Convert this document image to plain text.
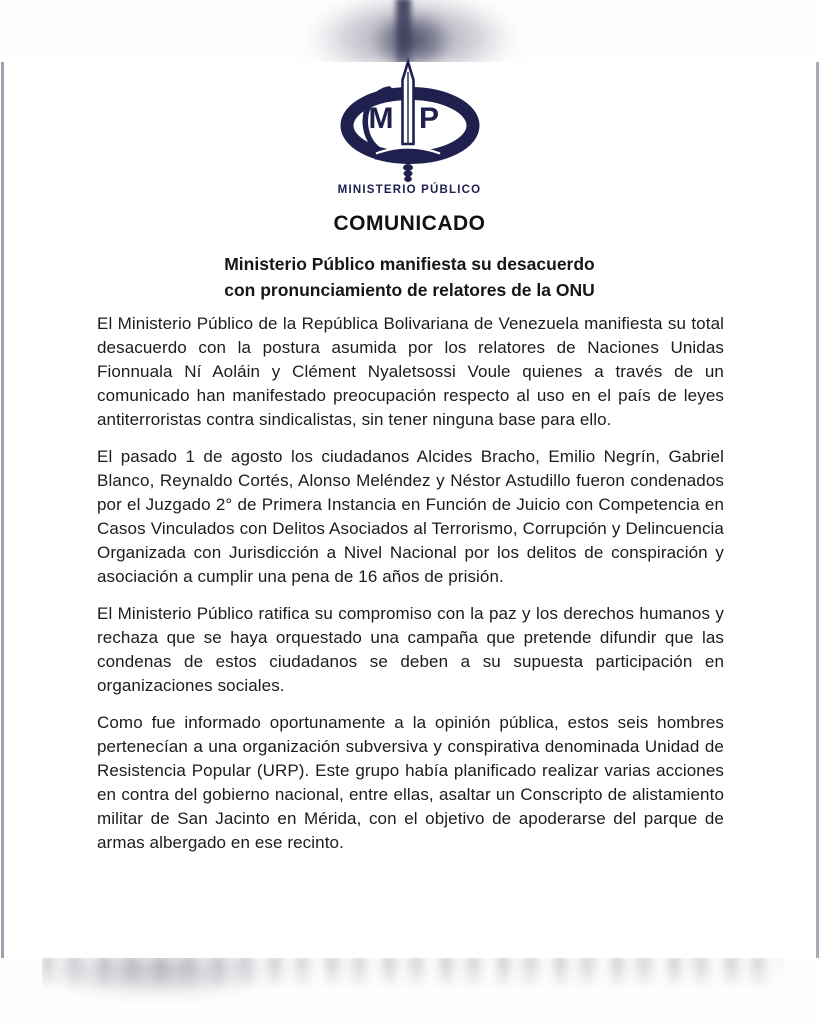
M P
MINISTERIO PÚBLICO
COMUNICADO
Ministerio Público manifiesta su desacuerdo
con pronunciamiento de relatores de la ONU

El Ministerio Público de la República Bolivariana de Venezuela manifiesta su total desacuerdo con la postura asumida por los relatores de Naciones Unidas Fionnuala Ní Aoláin y Clément Nyaletsossi Voule quienes a través de un comunicado han manifestado preocupación respecto al uso en el país de leyes antiterroristas contra sindicalistas, sin tener ninguna base para ello.

El pasado 1 de agosto los ciudadanos Alcides Bracho, Emilio Negrín, Gabriel Blanco, Reynaldo Cortés, Alonso Meléndez y Néstor Astudillo fueron condenados por el Juzgado 2° de Primera Instancia en Función de Juicio con Competencia en Casos Vinculados con Delitos Asociados al Terrorismo, Corrupción y Delincuencia Organizada con Jurisdicción a Nivel Nacional por los delitos de conspiración y asociación a cumplir una pena de 16 años de prisión.

El Ministerio Público ratifica su compromiso con la paz y los derechos humanos y rechaza que se haya orquestado una campaña que pretende difundir que las condenas de estos ciudadanos se deben a su supuesta participación en organizaciones sociales.

Como fue informado oportunamente a la opinión pública, estos seis hombres pertenecían a una organización subversiva y conspirativa denominada Unidad de Resistencia Popular (URP). Este grupo había planificado realizar varias acciones en contra del gobierno nacional, entre ellas, asaltar un Conscripto de alistamiento militar de San Jacinto en Mérida, con el objetivo de apoderarse del parque de armas albergado en ese recinto.
